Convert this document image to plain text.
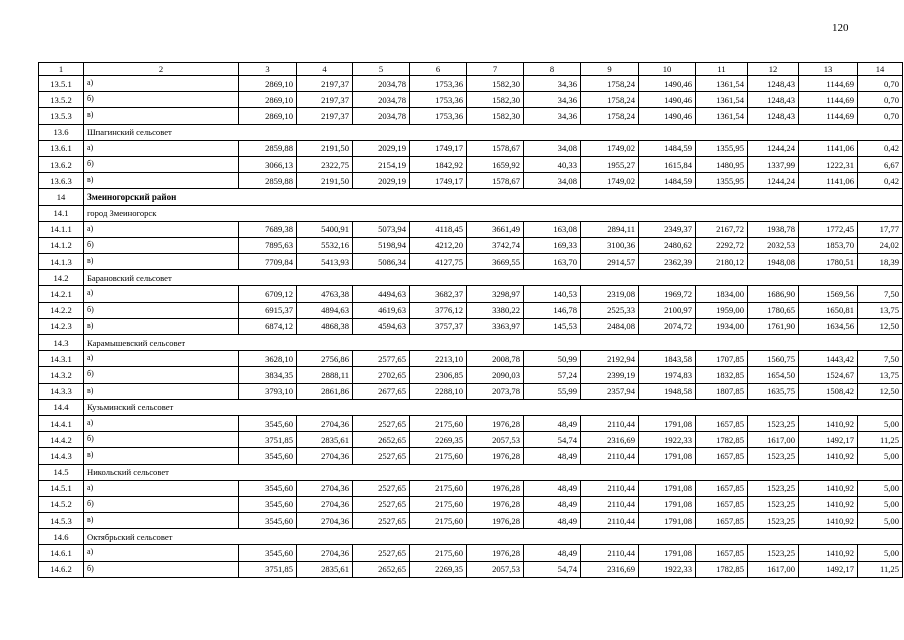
120
1	2	3	4	5	6	7	8	9	10	11	12	13	14
13.5.1	а)	2869,10	2197,37	2034,78	1753,36	1582,30	34,36	1758,24	1490,46	1361,54	1248,43	1144,69	0,70
13.5.2	б)	2869,10	2197,37	2034,78	1753,36	1582,30	34,36	1758,24	1490,46	1361,54	1248,43	1144,69	0,70
13.5.3	в)	2869,10	2197,37	2034,78	1753,36	1582,30	34,36	1758,24	1490,46	1361,54	1248,43	1144,69	0,70
13.6	Шпагинский сельсовет												
13.6.1	а)	2859,88	2191,50	2029,19	1749,17	1578,67	34,08	1749,02	1484,59	1355,95	1244,24	1141,06	0,42
13.6.2	б)	3066,13	2322,75	2154,19	1842,92	1659,92	40,33	1955,27	1615,84	1480,95	1337,99	1222,31	6,67
13.6.3	в)	2859,88	2191,50	2029,19	1749,17	1578,67	34,08	1749,02	1484,59	1355,95	1244,24	1141,06	0,42
14	Змеиногорский район												
14.1	город Змеиногорск												
14.1.1	а)	7689,38	5400,91	5073,94	4118,45	3661,49	163,08	2894,11	2349,37	2167,72	1938,78	1772,45	17,77
14.1.2	б)	7895,63	5532,16	5198,94	4212,20	3742,74	169,33	3100,36	2480,62	2292,72	2032,53	1853,70	24,02
14.1.3	в)	7709,84	5413,93	5086,34	4127,75	3669,55	163,70	2914,57	2362,39	2180,12	1948,08	1780,51	18,39
14.2	Барановский сельсовет												
14.2.1	а)	6709,12	4763,38	4494,63	3682,37	3298,97	140,53	2319,08	1969,72	1834,00	1686,90	1569,56	7,50
14.2.2	б)	6915,37	4894,63	4619,63	3776,12	3380,22	146,78	2525,33	2100,97	1959,00	1780,65	1650,81	13,75
14.2.3	в)	6874,12	4868,38	4594,63	3757,37	3363,97	145,53	2484,08	2074,72	1934,00	1761,90	1634,56	12,50
14.3	Карамышевский сельсовет												
14.3.1	а)	3628,10	2756,86	2577,65	2213,10	2008,78	50,99	2192,94	1843,58	1707,85	1560,75	1443,42	7,50
14.3.2	б)	3834,35	2888,11	2702,65	2306,85	2090,03	57,24	2399,19	1974,83	1832,85	1654,50	1524,67	13,75
14.3.3	в)	3793,10	2861,86	2677,65	2288,10	2073,78	55,99	2357,94	1948,58	1807,85	1635,75	1508,42	12,50
14.4	Кузьминский сельсовет												
14.4.1	а)	3545,60	2704,36	2527,65	2175,60	1976,28	48,49	2110,44	1791,08	1657,85	1523,25	1410,92	5,00
14.4.2	б)	3751,85	2835,61	2652,65	2269,35	2057,53	54,74	2316,69	1922,33	1782,85	1617,00	1492,17	11,25
14.4.3	в)	3545,60	2704,36	2527,65	2175,60	1976,28	48,49	2110,44	1791,08	1657,85	1523,25	1410,92	5,00
14.5	Никольский сельсовет												
14.5.1	а)	3545,60	2704,36	2527,65	2175,60	1976,28	48,49	2110,44	1791,08	1657,85	1523,25	1410,92	5,00
14.5.2	б)	3545,60	2704,36	2527,65	2175,60	1976,28	48,49	2110,44	1791,08	1657,85	1523,25	1410,92	5,00
14.5.3	в)	3545,60	2704,36	2527,65	2175,60	1976,28	48,49	2110,44	1791,08	1657,85	1523,25	1410,92	5,00
14.6	Октябрьский сельсовет												
14.6.1	а)	3545,60	2704,36	2527,65	2175,60	1976,28	48,49	2110,44	1791,08	1657,85	1523,25	1410,92	5,00
14.6.2	б)	3751,85	2835,61	2652,65	2269,35	2057,53	54,74	2316,69	1922,33	1782,85	1617,00	1492,17	11,25
